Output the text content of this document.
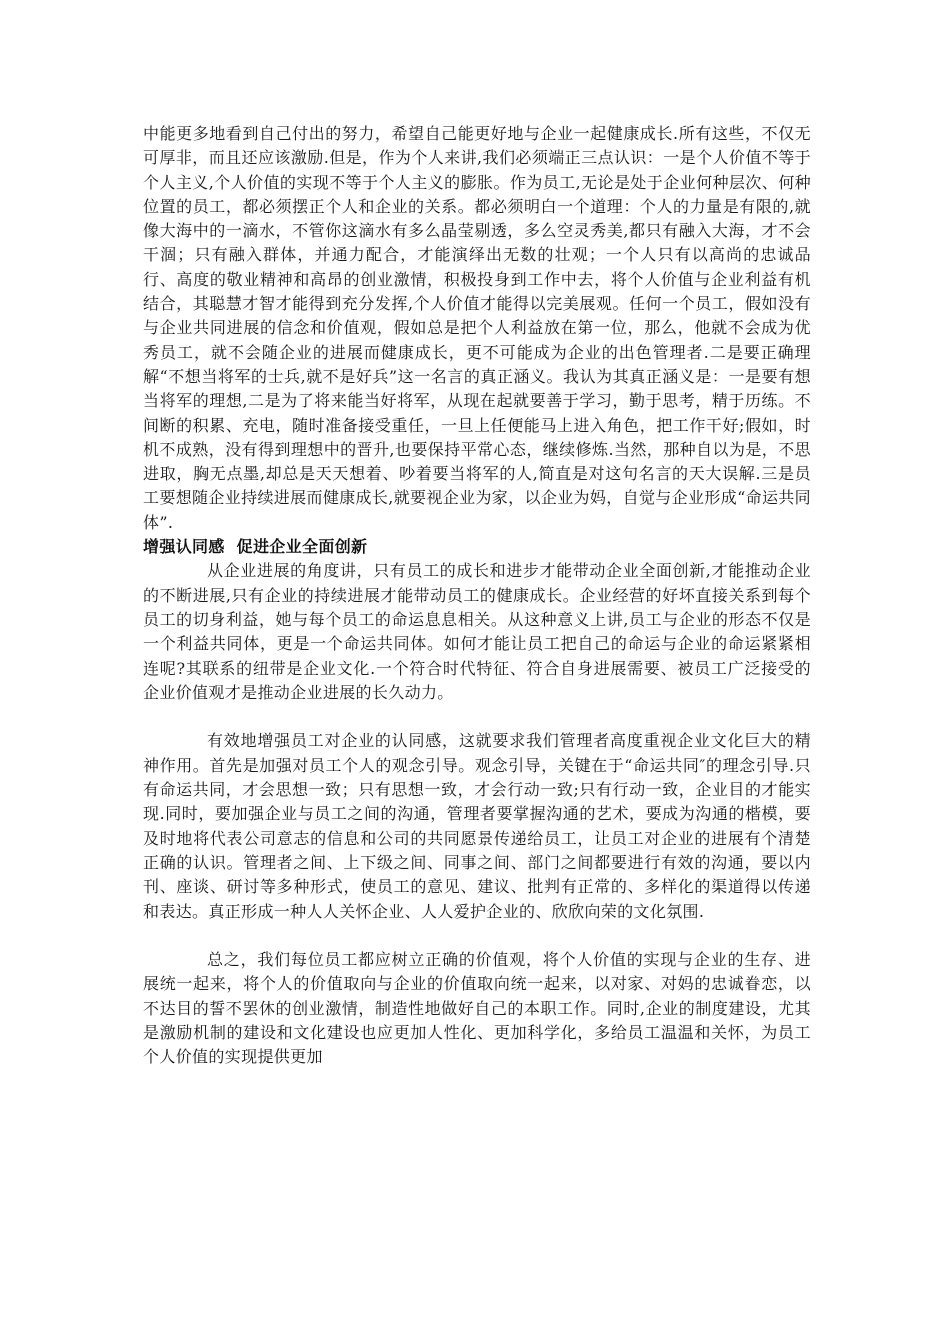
中能更多地看到自己付出的努力，希望自己能更好地与企业一起健康成长.所有这些，不仅无可厚非，而且还应该激励.但是，作为个人来讲,我们必须端正三点认识：一是个人价值不等于个人主义,个人价值的实现不等于个人主义的膨胀。作为员工,无论是处于企业何种层次、何种位置的员工，都必须摆正个人和企业的关系。都必须明白一个道理：个人的力量是有限的,就像大海中的一滴水，不管你这滴水有多么晶莹剔透，多么空灵秀美,都只有融入大海，才不会干涸；只有融入群体，并通力配合，才能演绎出无数的壮观；一个人只有以高尚的忠诚品行、高度的敬业精神和高昂的创业激情，积极投身到工作中去，将个人价值与企业利益有机结合，其聪慧才智才能得到充分发挥,个人价值才能得以完美展观。任何一个员工，假如没有与企业共同进展的信念和价值观，假如总是把个人利益放在第一位，那么，他就不会成为优秀员工，就不会随企业的进展而健康成长，更不可能成为企业的出色管理者.二是要正确理解“不想当将军的士兵,就不是好兵”这一名言的真正涵义。我认为其真正涵义是：一是要有想当将军的理想,二是为了将来能当好将军，从现在起就要善于学习，勤于思考，精于历练。不间断的积累、充电，随时准备接受重任，一旦上任便能马上进入角色，把工作干好;假如，时机不成熟，没有得到理想中的晋升,也要保持平常心态，继续修炼.当然，那种自以为是，不思进取，胸无点墨,却总是天天想着、吵着要当将军的人,简直是对这句名言的天大误解.三是员工要想随企业持续进展而健康成长,就要视企业为家，以企业为妈，自觉与企业形成“命运共同体”.

增强认同感  促进企业全面创新

从企业进展的角度讲，只有员工的成长和进步才能带动企业全面创新,才能推动企业的不断进展,只有企业的持续进展才能带动员工的健康成长。企业经营的好坏直接关系到每个员工的切身利益，她与每个员工的命运息息相关。从这种意义上讲,员工与企业的形态不仅是一个利益共同体，更是一个命运共同体。如何才能让员工把自己的命运与企业的命运紧紧相连呢?其联系的纽带是企业文化.一个符合时代特征、符合自身进展需要、被员工广泛接受的企业价值观才是推动企业进展的长久动力。

有效地增强员工对企业的认同感，这就要求我们管理者高度重视企业文化巨大的精神作用。首先是加强对员工个人的观念引导。观念引导，关键在于“命运共同″的理念引导.只有命运共同，才会思想一致；只有思想一致，才会行动一致;只有行动一致，企业目的才能实现.同时，要加强企业与员工之间的沟通，管理者要掌握沟通的艺术，要成为沟通的楷模，要及时地将代表公司意志的信息和公司的共同愿景传递给员工，让员工对企业的进展有个清楚正确的认识。管理者之间、上下级之间、同事之间、部门之间都要进行有效的沟通，要以内刊、座谈、研讨等多种形式，使员工的意见、建议、批判有正常的、多样化的渠道得以传递和表达。真正形成一种人人关怀企业、人人爱护企业的、欣欣向荣的文化氛围.

总之，我们每位员工都应树立正确的价值观，将个人价值的实现与企业的生存、进展统一起来，将个人的价值取向与企业的价值取向统一起来，以对家、对妈的忠诚眷恋，以不达目的誓不罢休的创业激情，制造性地做好自己的本职工作。同时,企业的制度建设，尤其是激励机制的建设和文化建设也应更加人性化、更加科学化，多给员工温温和关怀，为员工个人价值的实现提供更加
